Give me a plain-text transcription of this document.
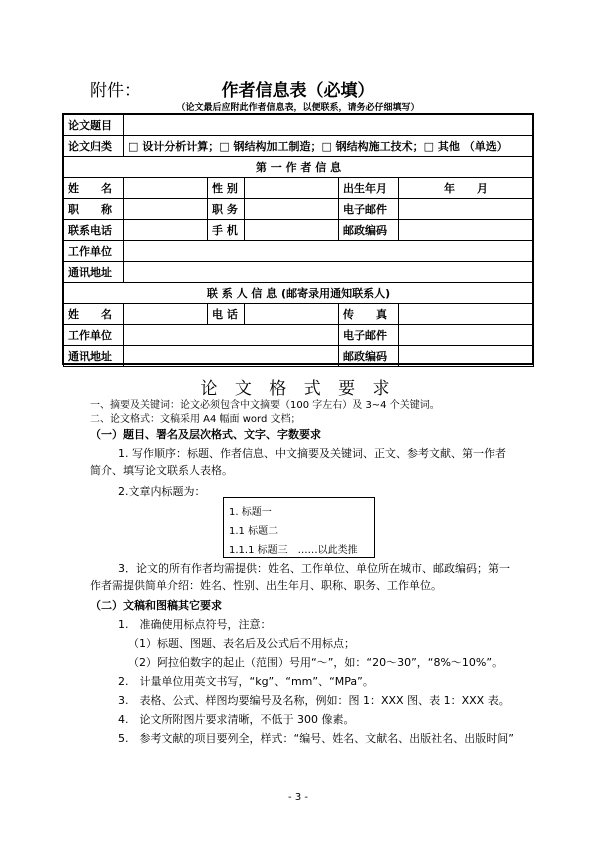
附件：	作者信息表（必填）
（论文最后应附此作者信息表，以便联系，请务必仔细填写）
论文题目					
论文归类	□ 设计分析计算；□ 钢结构加工制造；□ 钢结构施工技术；□ 其他 （单选）				
第 一 作 者 信 息					
姓　　名		性 别		出生年月	年　　月
职　　称		职 务		电子邮件	
联系电话		手 机		邮政编码	
工作单位					
通讯地址					
联 系 人 信 息 (邮寄录用通知联系人)					
姓　　名		电 话		传　　真	
工作单位				电子邮件	
通讯地址				邮政编码	
论 文 格 式 要 求
一、摘要及关键词：论文必须包含中文摘要（100 字左右）及 3~4 个关键词。
二、论文格式：文稿采用 A4 幅面 word 文档；
（一）题目、署名及层次格式、文字、字数要求
1. 写作顺序：标题、作者信息、中文摘要及关键词、正文、参考文献、第一作者
简介、填写论文联系人表格。
2.文章内标题为：
1. 标题一
1.1 标题二
1.1.1 标题三　……以此类推
3．论文的所有作者均需提供：姓名、工作单位、单位所在城市、邮政编码；第一
作者需提供简单介绍：姓名、性别、出生年月、职称、职务、工作单位。
（二）文稿和图稿其它要求
1.　准确使用标点符号，注意：
（1）标题、图题、表名后及公式后不用标点；
（2）阿拉伯数字的起止（范围）号用“～”，如：“20～30”，“8%～10%”。
2.　计量单位用英文书写，“kg”、“mm”、“MPa”。
3.　表格、公式、样图均要编号及名称，例如：图 1：XXX 图、表 1：XXX 表。
4.　论文所附图片要求清晰，不低于 300 像素。
5.　参考文献的项目要列全，样式：“编号、姓名、文献名、出版社名、出版时间”
- 3 -
